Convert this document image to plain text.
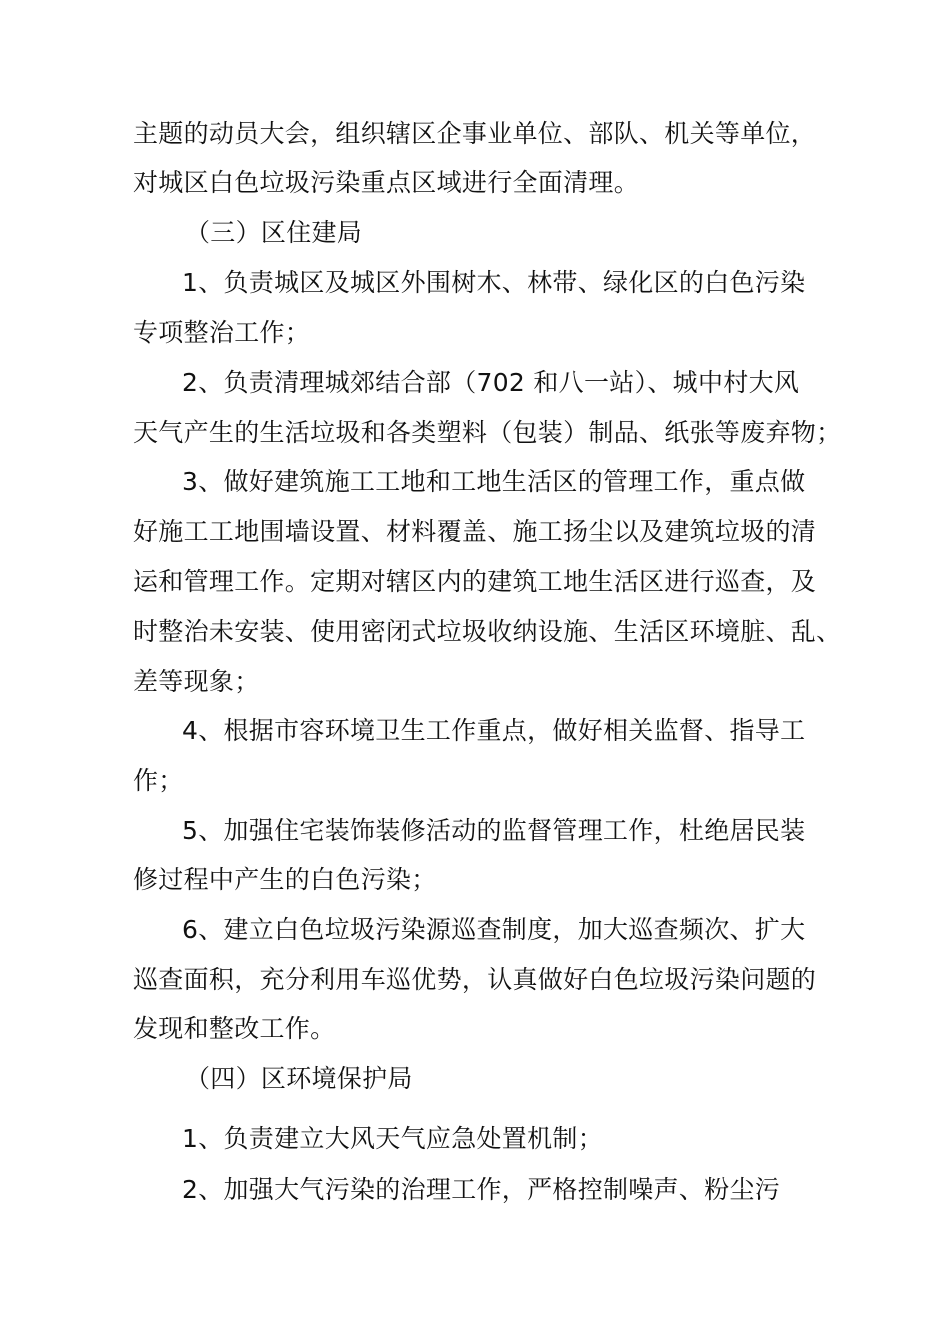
主题的动员大会，组织辖区企事业单位、部队、机关等单位，
对城区白色垃圾污染重点区域进行全面清理。
（三）区住建局
1、负责城区及城区外围树木、林带、绿化区的白色污染
专项整治工作；
2、负责清理城郊结合部（702 和八一站）、城中村大风
天气产生的生活垃圾和各类塑料（包装）制品、纸张等废弃物；
3、做好建筑施工工地和工地生活区的管理工作，重点做
好施工工地围墙设置、材料覆盖、施工扬尘以及建筑垃圾的清
运和管理工作。定期对辖区内的建筑工地生活区进行巡查，及
时整治未安装、使用密闭式垃圾收纳设施、生活区环境脏、乱、
差等现象；
4、根据市容环境卫生工作重点，做好相关监督、指导工
作；
5、加强住宅装饰装修活动的监督管理工作，杜绝居民装
修过程中产生的白色污染；
6、建立白色垃圾污染源巡查制度，加大巡查频次、扩大
巡查面积，充分利用车巡优势，认真做好白色垃圾污染问题的
发现和整改工作。
（四）区环境保护局
1、负责建立大风天气应急处置机制；
2、加强大气污染的治理工作，严格控制噪声、粉尘污
